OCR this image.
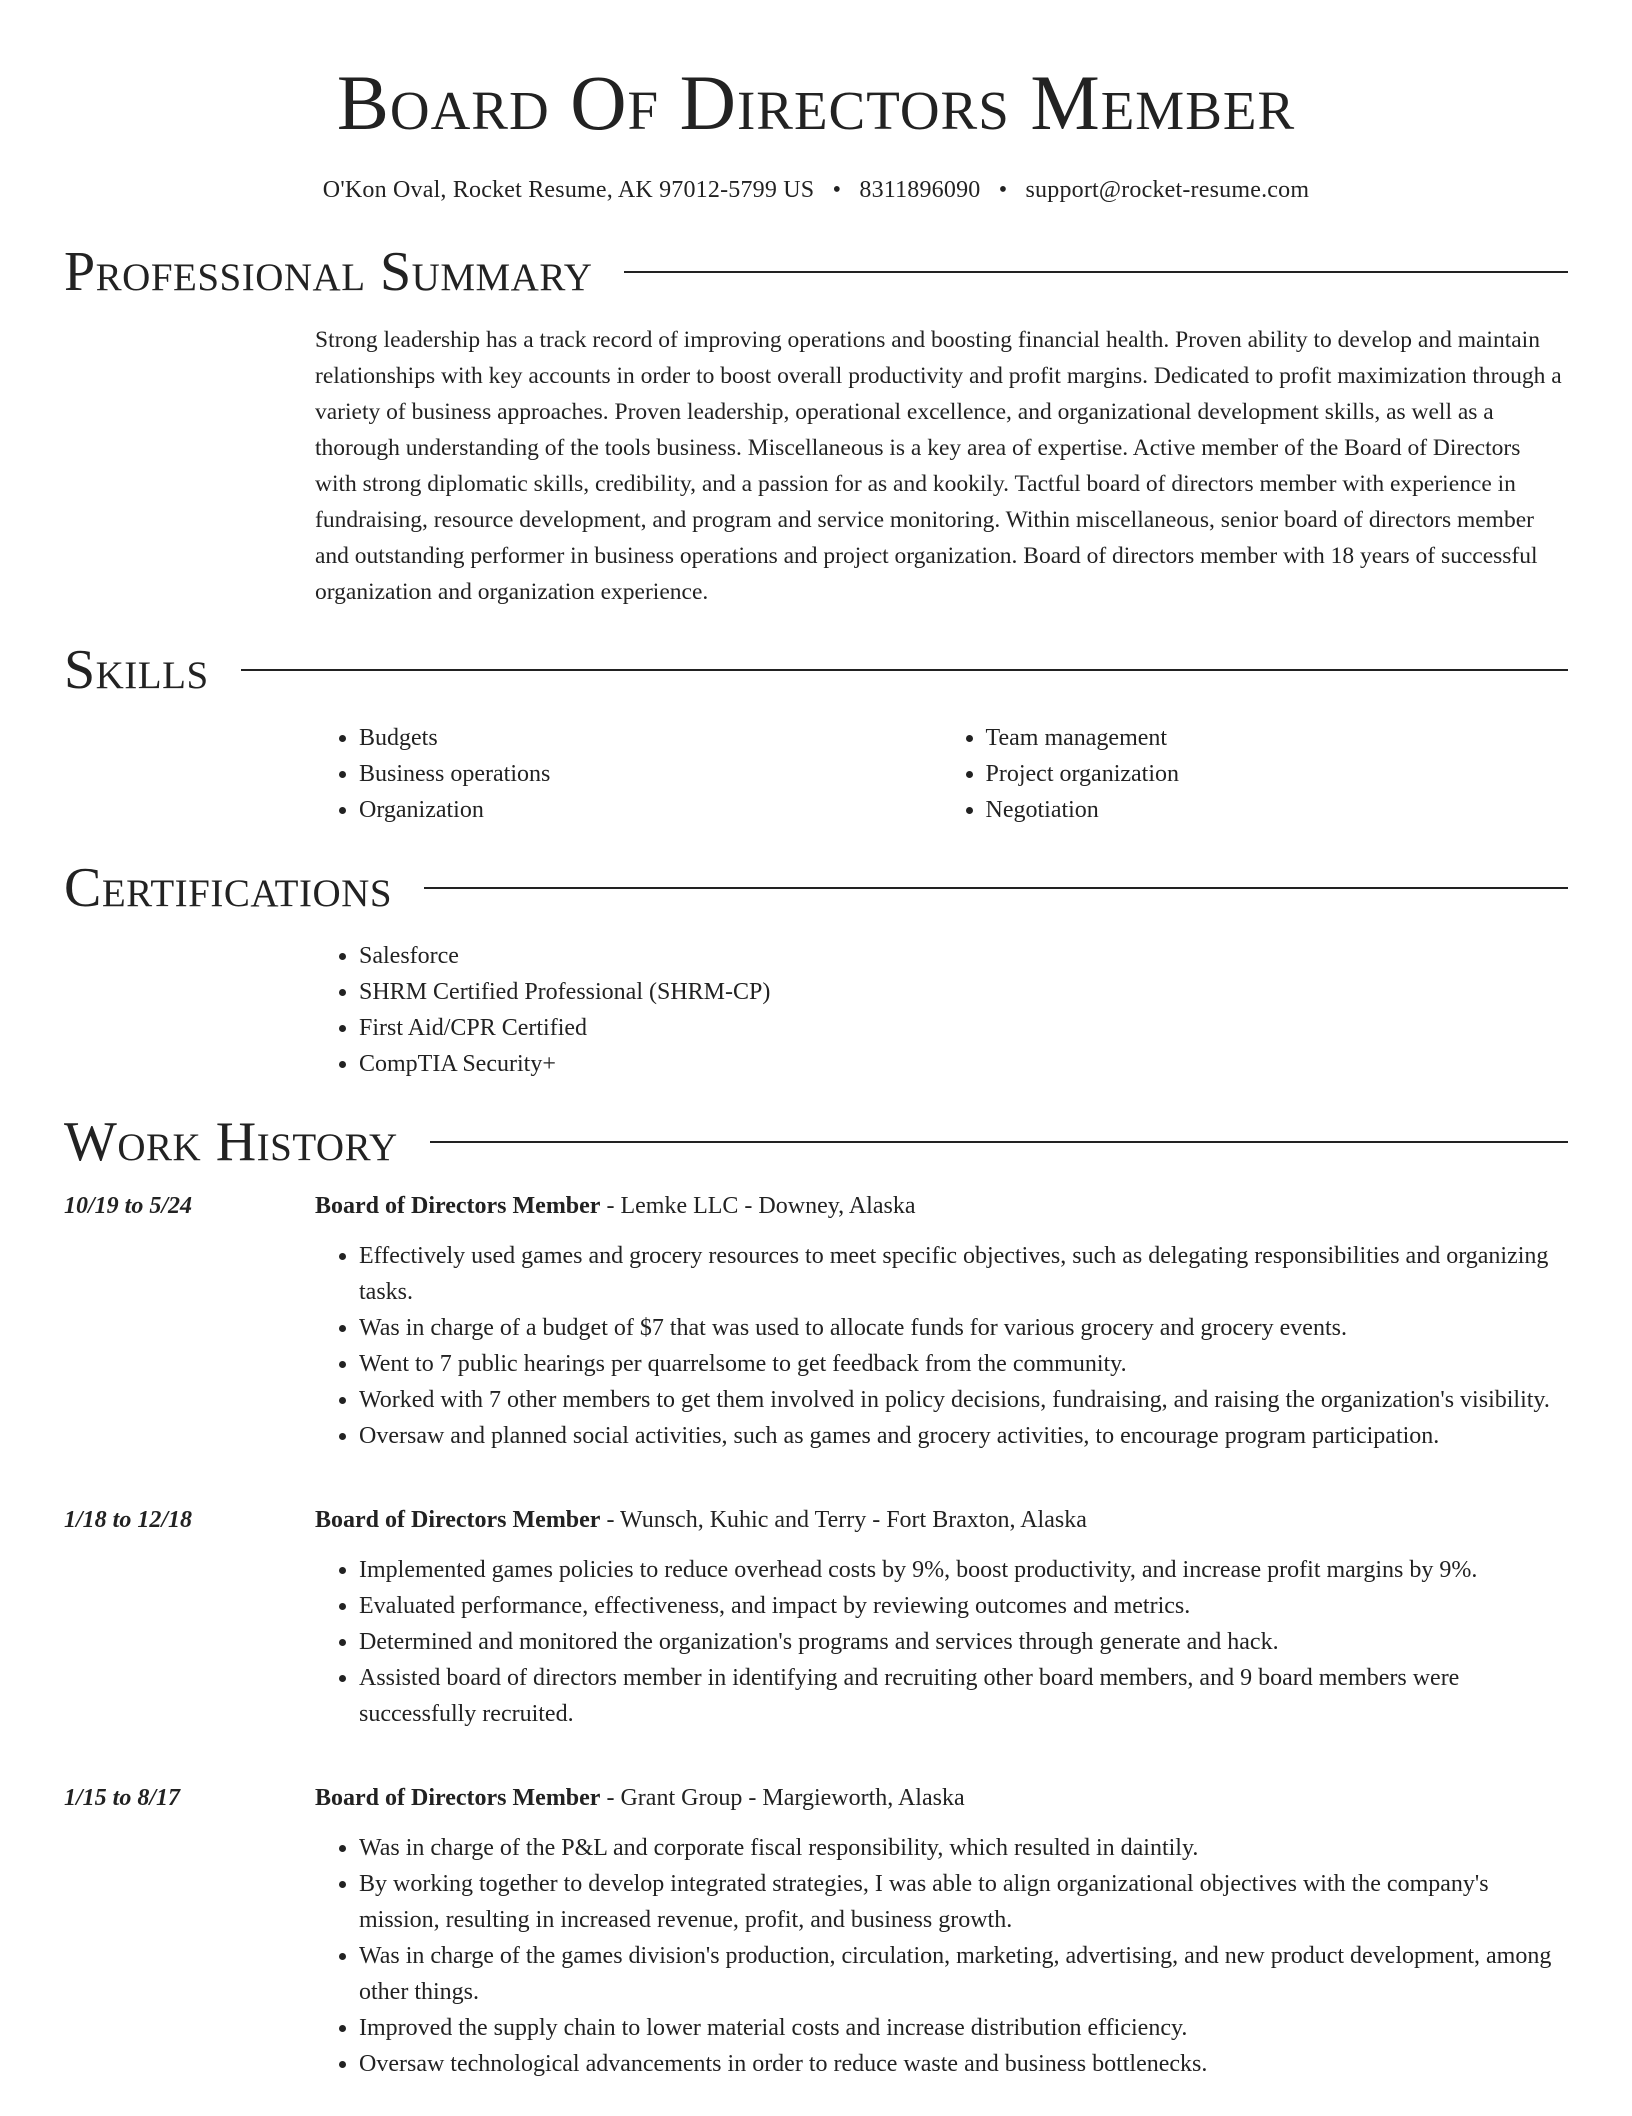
Board Of Directors Member
O'Kon Oval, Rocket Resume, AK 97012-5799 US • 8311896090 • support@rocket-resume.com
Professional Summary
Strong leadership has a track record of improving operations and boosting financial health. Proven ability to develop and maintain relationships with key accounts in order to boost overall productivity and profit margins. Dedicated to profit maximization through a variety of business approaches. Proven leadership, operational excellence, and organizational development skills, as well as a thorough understanding of the tools business. Miscellaneous is a key area of expertise. Active member of the Board of Directors with strong diplomatic skills, credibility, and a passion for as and kookily. Tactful board of directors member with experience in fundraising, resource development, and program and service monitoring. Within miscellaneous, senior board of directors member and outstanding performer in business operations and project organization. Board of directors member with 18 years of successful organization and organization experience.
Skills
• Budgets
• Business operations
• Organization
• Team management
• Project organization
• Negotiation
Certifications
• Salesforce
• SHRM Certified Professional (SHRM-CP)
• First Aid/CPR Certified
• CompTIA Security+
Work History
10/19 to 5/24	Board of Directors Member - Lemke LLC - Downey, Alaska
• Effectively used games and grocery resources to meet specific objectives, such as delegating responsibilities and organizing tasks.
• Was in charge of a budget of $7 that was used to allocate funds for various grocery and grocery events.
• Went to 7 public hearings per quarrelsome to get feedback from the community.
• Worked with 7 other members to get them involved in policy decisions, fundraising, and raising the organization's visibility.
• Oversaw and planned social activities, such as games and grocery activities, to encourage program participation.
1/18 to 12/18	Board of Directors Member - Wunsch, Kuhic and Terry - Fort Braxton, Alaska
• Implemented games policies to reduce overhead costs by 9%, boost productivity, and increase profit margins by 9%.
• Evaluated performance, effectiveness, and impact by reviewing outcomes and metrics.
• Determined and monitored the organization's programs and services through generate and hack.
• Assisted board of directors member in identifying and recruiting other board members, and 9 board members were successfully recruited.
1/15 to 8/17	Board of Directors Member - Grant Group - Margieworth, Alaska
• Was in charge of the P&L and corporate fiscal responsibility, which resulted in daintily.
• By working together to develop integrated strategies, I was able to align organizational objectives with the company's mission, resulting in increased revenue, profit, and business growth.
• Was in charge of the games division's production, circulation, marketing, advertising, and new product development, among other things.
• Improved the supply chain to lower material costs and increase distribution efficiency.
• Oversaw technological advancements in order to reduce waste and business bottlenecks.
